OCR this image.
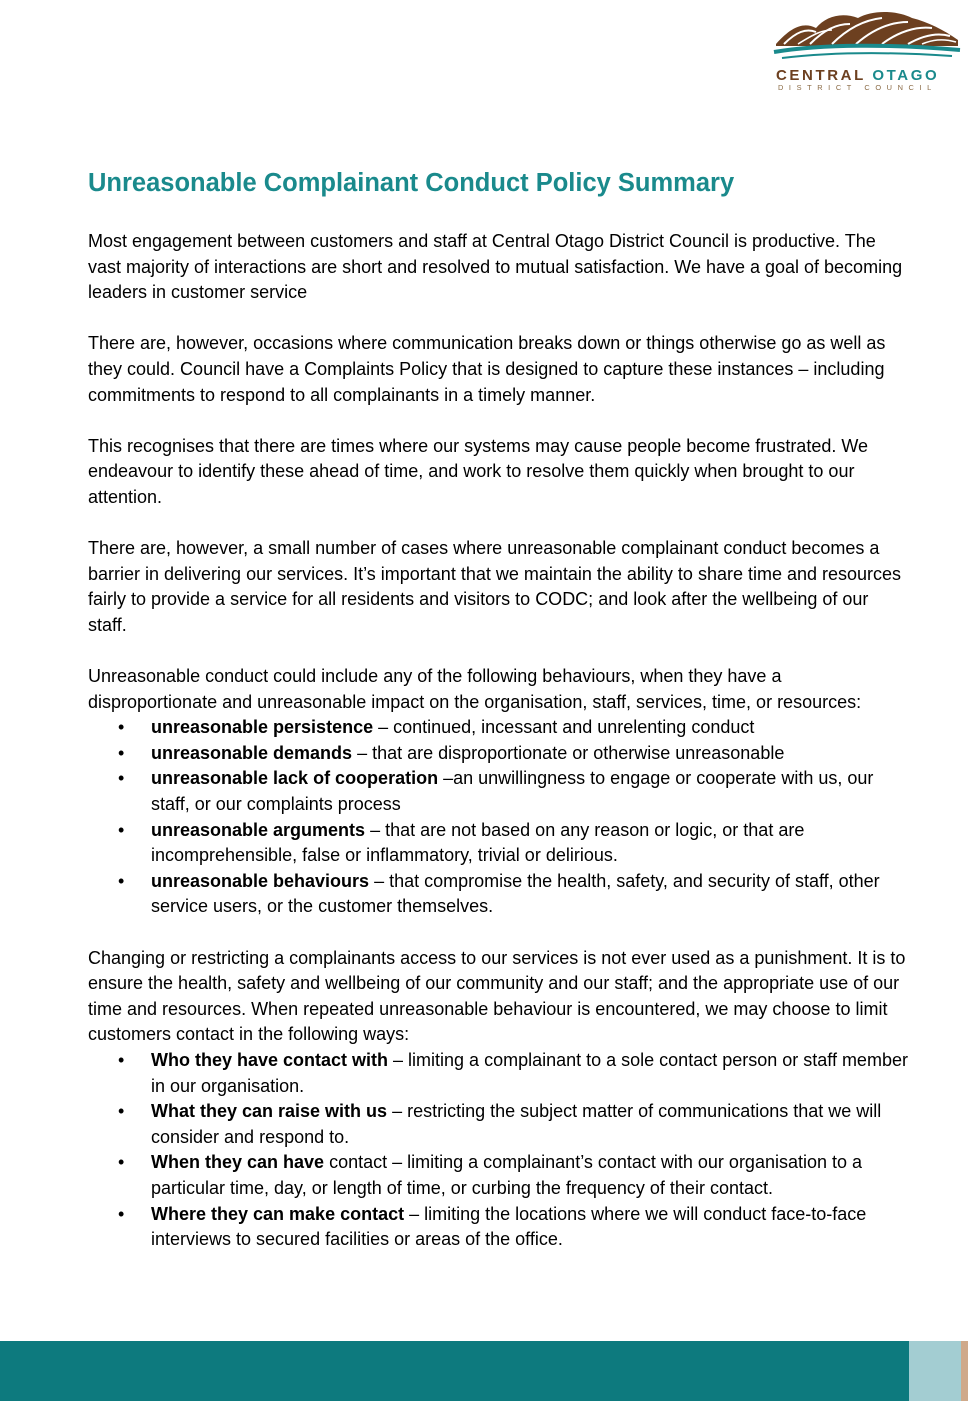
CENTRAL OTAGO
DISTRICT COUNCIL
Unreasonable Complainant Conduct Policy Summary

Most engagement between customers and staff at Central Otago District Council is productive. The vast majority of interactions are short and resolved to mutual satisfaction. We have a goal of becoming leaders in customer service

There are, however, occasions where communication breaks down or things otherwise go as well as they could. Council have a Complaints Policy that is designed to capture these instances – including commitments to respond to all complainants in a timely manner.

This recognises that there are times where our systems may cause people become frustrated. We endeavour to identify these ahead of time, and work to resolve them quickly when brought to our attention.

There are, however, a small number of cases where unreasonable complainant conduct becomes a barrier in delivering our services. It’s important that we maintain the ability to share time and resources fairly to provide a service for all residents and visitors to CODC; and look after the wellbeing of our staff.

Unreasonable conduct could include any of the following behaviours, when they have a disproportionate and unreasonable impact on the organisation, staff, services, time, or resources:

• unreasonable persistence – continued, incessant and unrelenting conduct
• unreasonable demands – that are disproportionate or otherwise unreasonable
• unreasonable lack of cooperation –an unwillingness to engage or cooperate with us, our staff, or our complaints process
• unreasonable arguments – that are not based on any reason or logic, or that are incomprehensible, false or inflammatory, trivial or delirious.
• unreasonable behaviours – that compromise the health, safety, and security of staff, other service users, or the customer themselves.

Changing or restricting a complainants access to our services is not ever used as a punishment. It is to ensure the health, safety and wellbeing of our community and our staff; and the appropriate use of our time and resources. When repeated unreasonable behaviour is encountered, we may choose to limit customers contact in the following ways:

• Who they have contact with – limiting a complainant to a sole contact person or staff member in our organisation.
• What they can raise with us – restricting the subject matter of communications that we will consider and respond to.
• When they can have contact – limiting a complainant’s contact with our organisation to a particular time, day, or length of time, or curbing the frequency of their contact.
• Where they can make contact – limiting the locations where we will conduct face-to-face interviews to secured facilities or areas of the office.
